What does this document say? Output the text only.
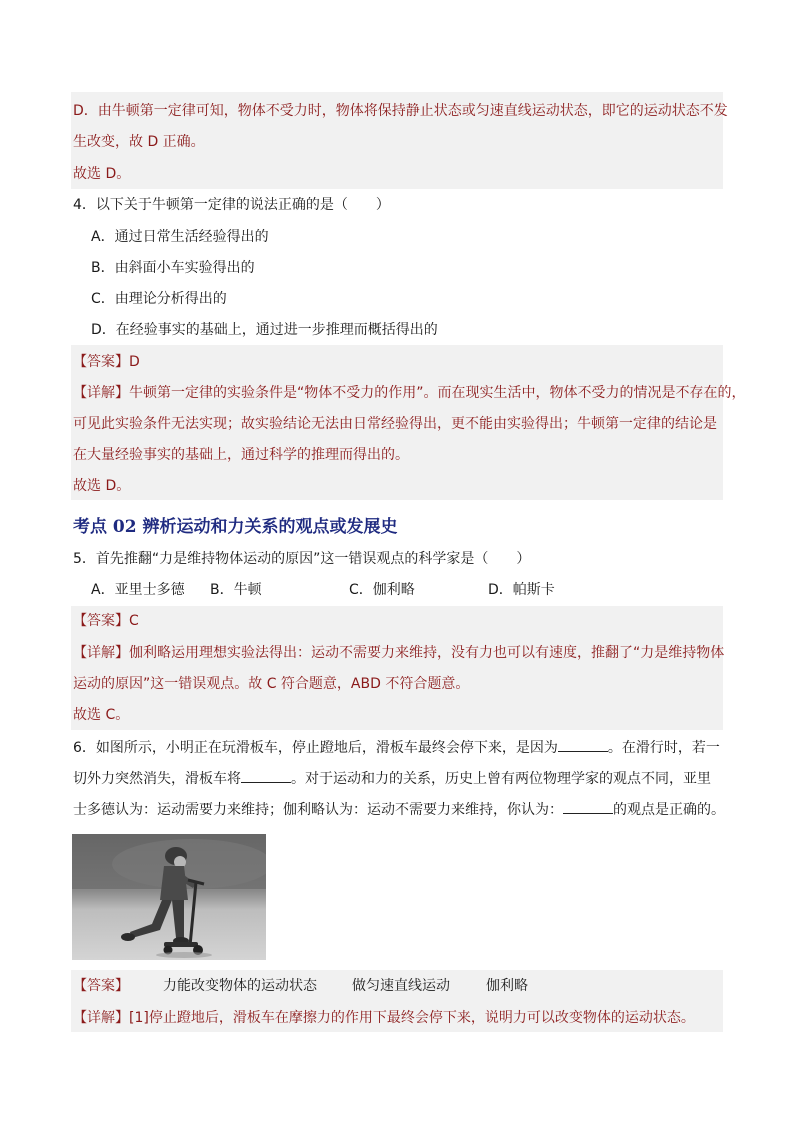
D．由牛顿第一定律可知，物体不受力时，物体将保持静止状态或匀速直线运动状态，即它的运动状态不发
生改变，故 D 正确。
故选 D。
4．以下关于牛顿第一定律的说法正确的是（　　）
A．通过日常生活经验得出的
B．由斜面小车实验得出的
C．由理论分析得出的
D．在经验事实的基础上，通过进一步推理而概括得出的
【答案】D
【详解】牛顿第一定律的实验条件是“物体不受力的作用”。而在现实生活中，物体不受力的情况是不存在的，
可见此实验条件无法实现；故实验结论无法由日常经验得出，更不能由实验得出；牛顿第一定律的结论是
在大量经验事实的基础上，通过科学的推理而得出的。
故选 D。
考点 02 辨析运动和力关系的观点或发展史
5．首先推翻“力是维持物体运动的原因”这一错误观点的科学家是（　　）
A．亚里士多德 B．牛顿	C．伽利略	D．帕斯卡
【答案】C
【详解】伽利略运用理想实验法得出：运动不需要力来维持，没有力也可以有速度，推翻了“力是维持物体
运动的原因”这一错误观点。故 C 符合题意，ABD 不符合题意。
故选 C。
6．如图所示，小明正在玩滑板车，停止蹬地后，滑板车最终会停下来，是因为	。在滑行时，若一
切外力突然消失，滑板车将	。对于运动和力的关系，历史上曾有两位物理学家的观点不同，亚里
士多德认为：运动需要力来维持；伽利略认为：运动不需要力来维持，你认为：	的观点是正确的。
【答案】 力能改变物体的运动状态	做匀速直线运动	伽利略
【详解】[1]停止蹬地后，滑板车在摩擦力的作用下最终会停下来，说明力可以改变物体的运动状态。
